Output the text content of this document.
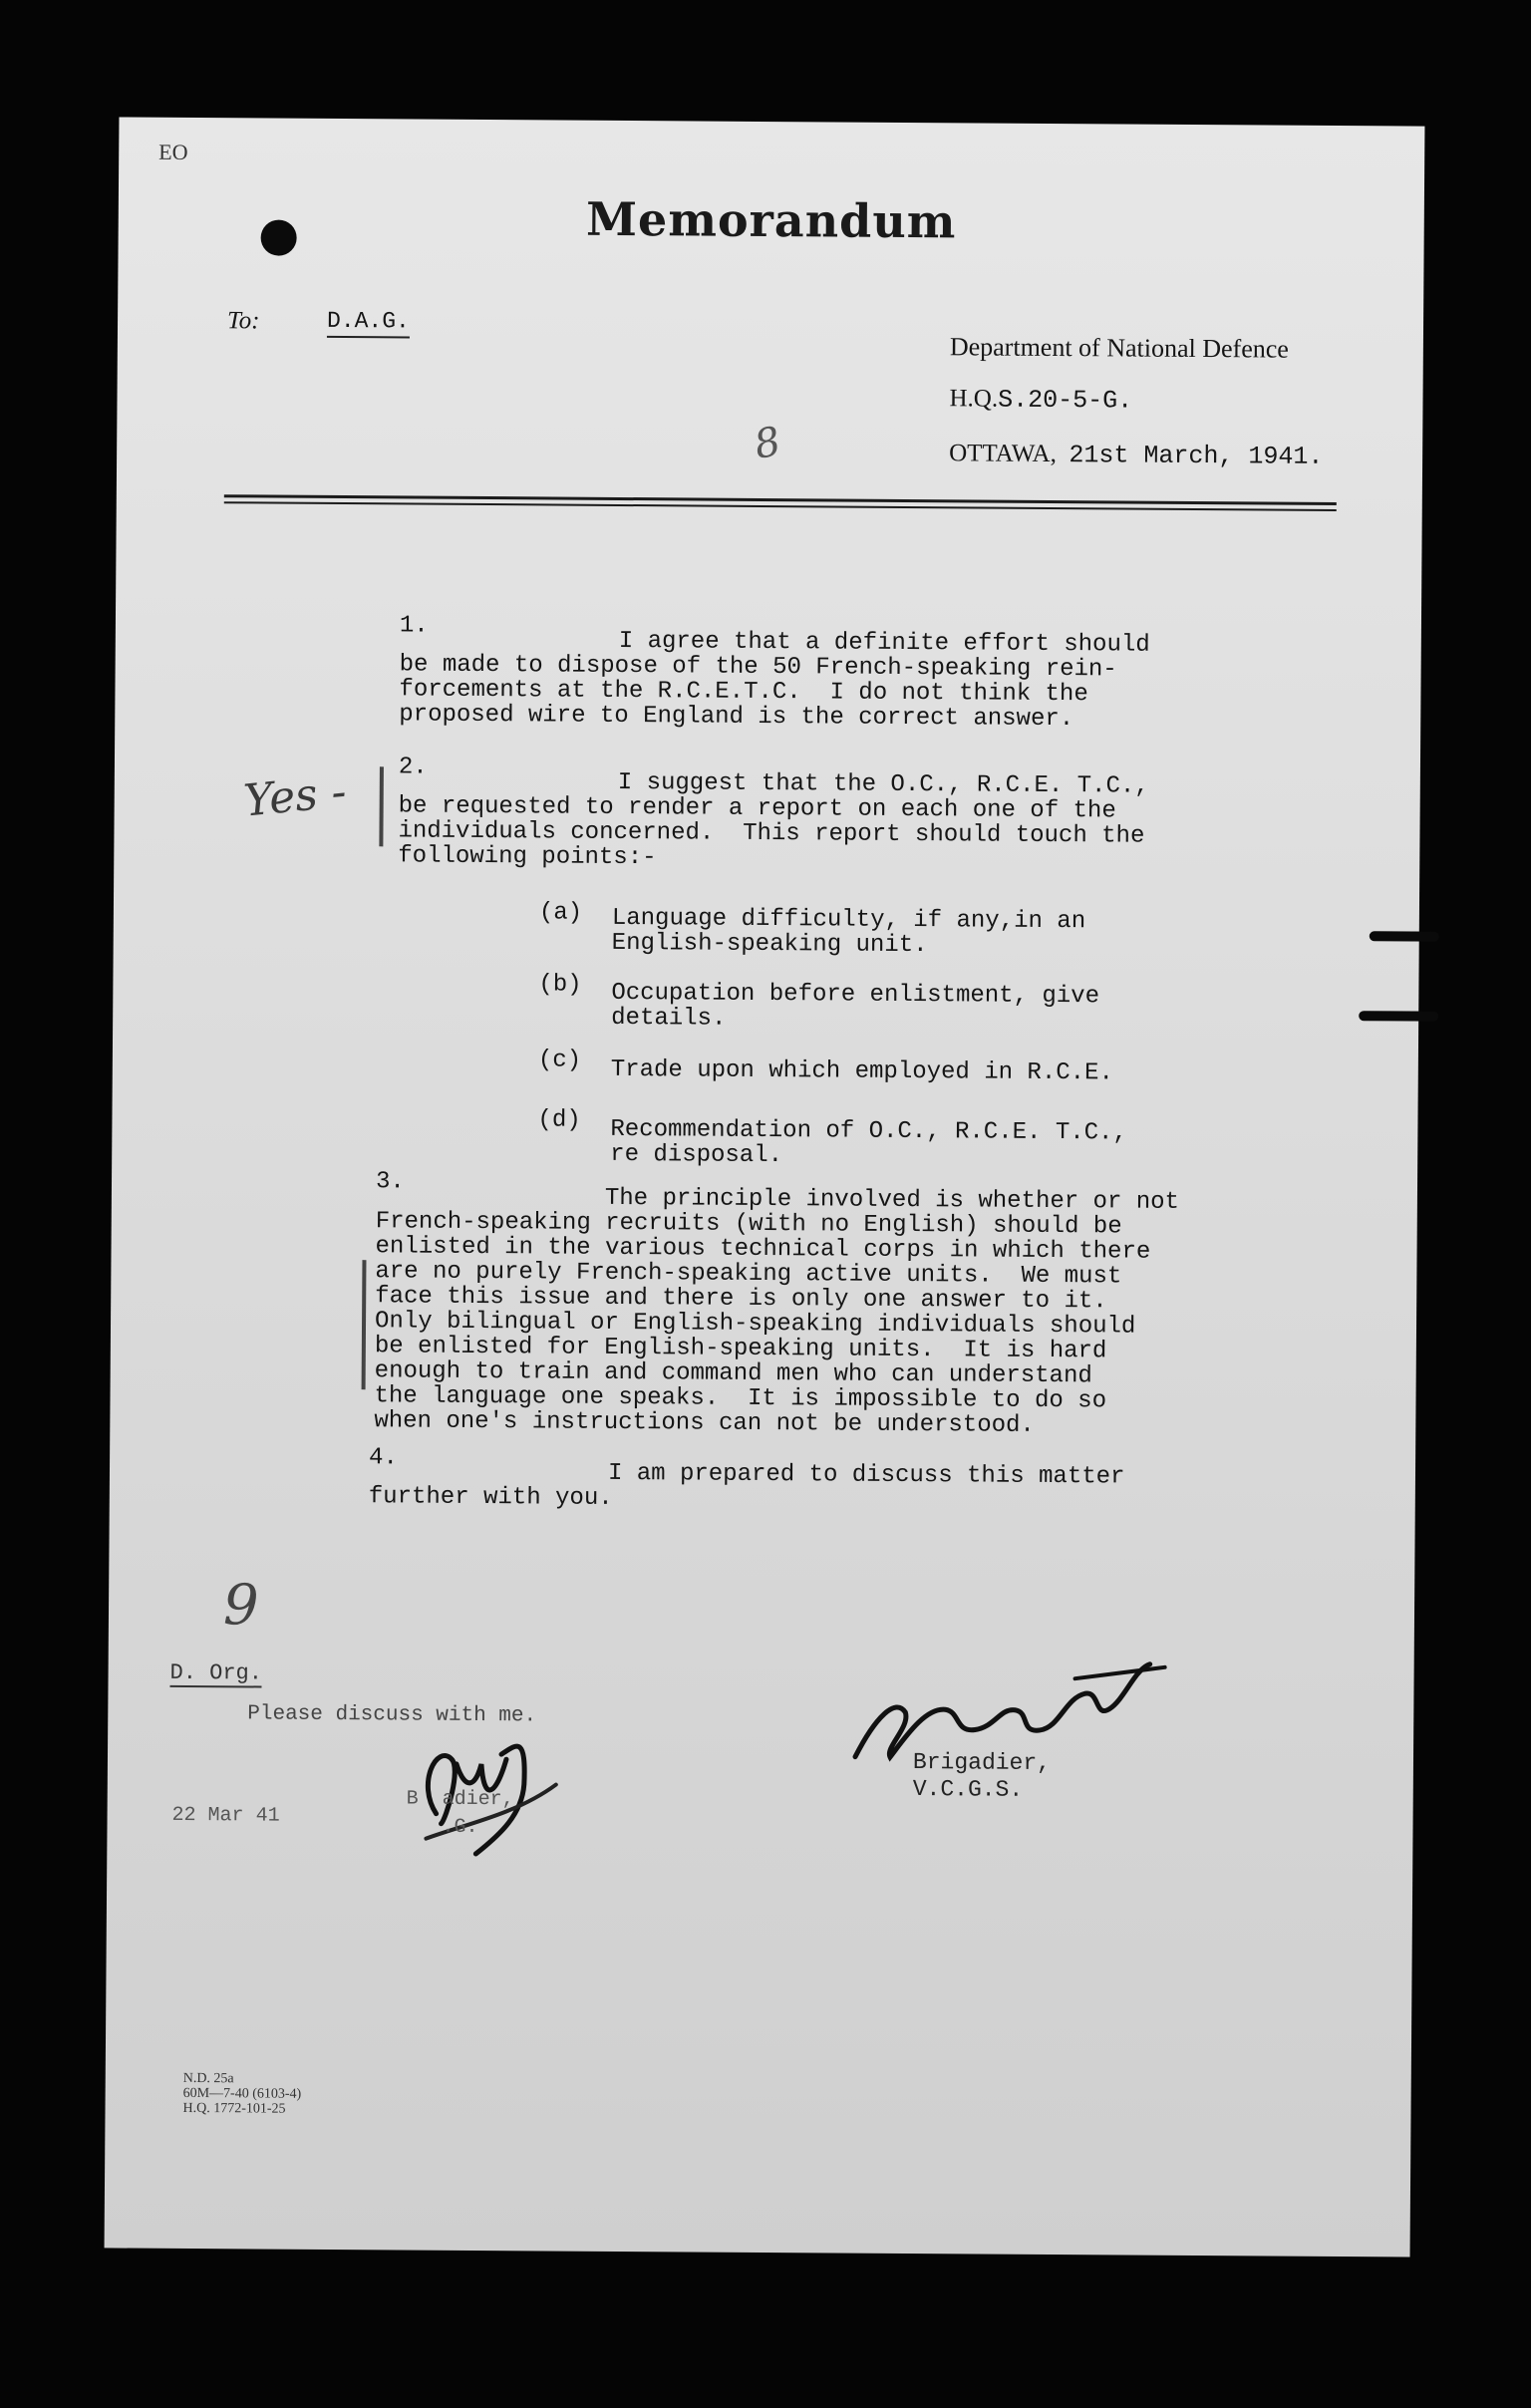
EO
Memorandum
To:	D.A.G.
Department of National Defence
H.Q.S.20-5-G.
OTTAWA, 21st March, 1941.
8
1.
I agree that a definite effort should
be made to dispose of the 50 French-speaking rein-
forcements at the R.C.E.T.C.  I do not think the
proposed wire to England is the correct answer.
Yes - 2.
I suggest that the O.C., R.C.E. T.C.,
be requested to render a report on each one of the
individuals concerned.  This report should touch the
following points:-
(a) Language difficulty, if any,in an
English-speaking unit.
(b) Occupation before enlistment, give
details.
(c) Trade upon which employed in R.C.E.
(d) Recommendation of O.C., R.C.E. T.C.,
re disposal.
3.
The principle involved is whether or not
French-speaking recruits (with no English) should be
enlisted in the various technical corps in which there
are no purely French-speaking active units.  We must
face this issue and there is only one answer to it.
Only bilingual or English-speaking individuals should
be enlisted for English-speaking units.  It is hard
enough to train and command men who can understand
the language one speaks.  It is impossible to do so
when one's instructions can not be understood.
4.
I am prepared to discuss this matter
further with you.
9
D. Org.
Please discuss with me.
22 Mar 41
B  adier,
.G.
Brigadier,
V.C.G.S.
N.D. 25a
60M—7-40 (6103-4)
H.Q. 1772-101-25
